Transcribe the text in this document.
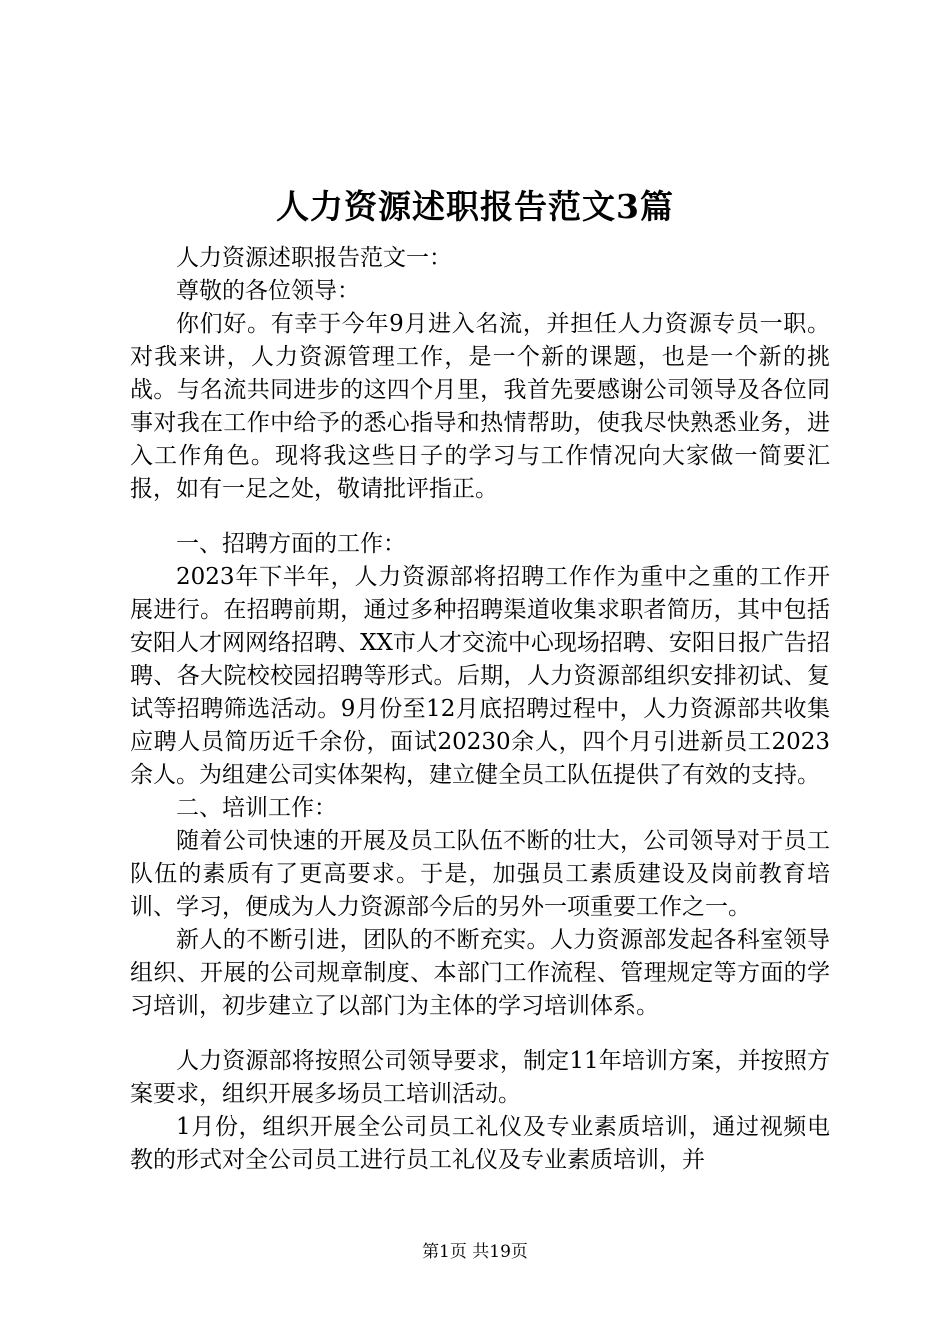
人力资源述职报告范文3篇

人力资源述职报告范文一：

尊敬的各位领导：

你们好。有幸于今年9月进入名流，并担任人力资源专员一职。对我来讲，人力资源管理工作，是一个新的课题，也是一个新的挑战。与名流共同进步的这四个月里，我首先要感谢公司领导及各位同事对我在工作中给予的悉心指导和热情帮助，使我尽快熟悉业务，进入工作角色。现将我这些日子的学习与工作情况向大家做一简要汇报，如有一足之处，敬请批评指正。

一、招聘方面的工作：

2023年下半年，人力资源部将招聘工作作为重中之重的工作开展进行。在招聘前期，通过多种招聘渠道收集求职者简历，其中包括安阳人才网网络招聘、XX市人才交流中心现场招聘、安阳日报广告招聘、各大院校校园招聘等形式。后期，人力资源部组织安排初试、复试等招聘筛选活动。9月份至12月底招聘过程中，人力资源部共收集应聘人员简历近千余份，面试20230余人，四个月引进新员工2023余人。为组建公司实体架构，建立健全员工队伍提供了有效的支持。

二、培训工作：

随着公司快速的开展及员工队伍不断的壮大，公司领导对于员工队伍的素质有了更高要求。于是，加强员工素质建设及岗前教育培训、学习，便成为人力资源部今后的另外一项重要工作之一。

新人的不断引进，团队的不断充实。人力资源部发起各科室领导组织、开展的公司规章制度、本部门工作流程、管理规定等方面的学习培训，初步建立了以部门为主体的学习培训体系。

人力资源部将按照公司领导要求，制定11年培训方案，并按照方案要求，组织开展多场员工培训活动。

1月份，组织开展全公司员工礼仪及专业素质培训，通过视频电教的形式对全公司员工进行员工礼仪及专业素质培训，并

第1页 共19页
